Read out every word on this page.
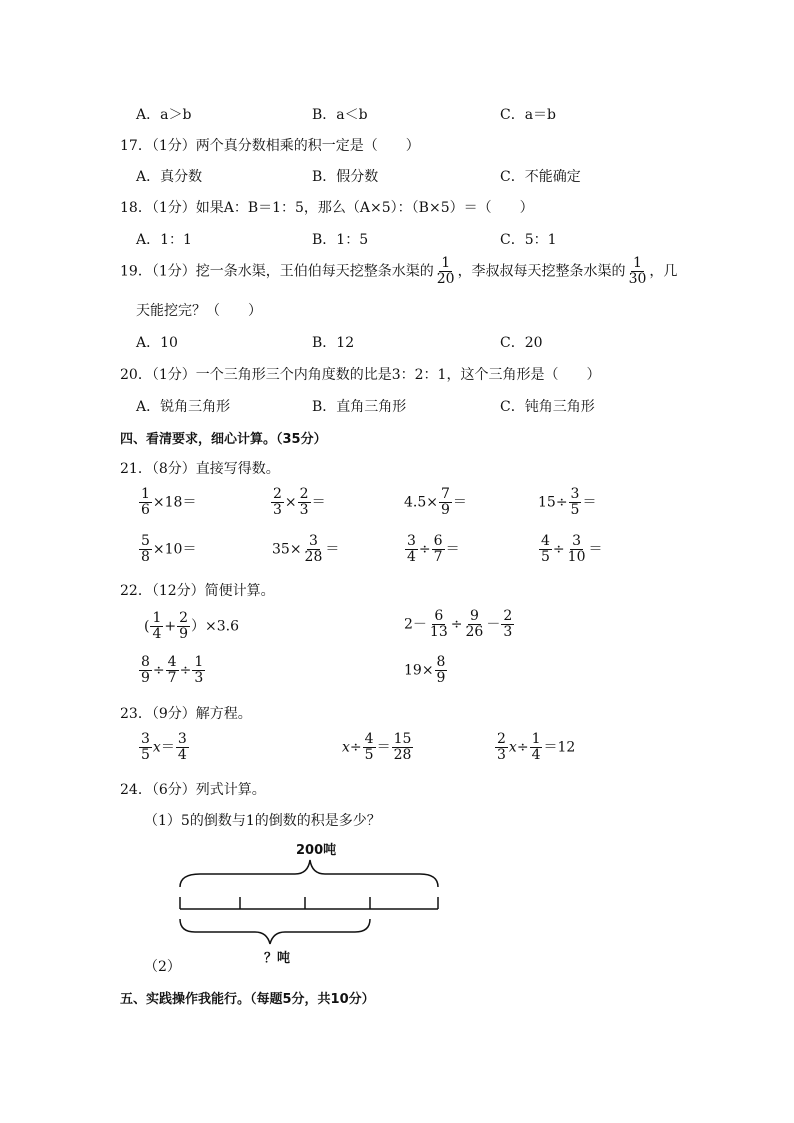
A．a＞b	B．a＜b	C．a＝b
17．（1分）两个真分数相乘的积一定是（　　）
A．真分数	B．假分数	C．不能确定
18．（1分）如果A：B＝1：5，那么（A×5）：（B×5）＝（　　）
A．1：1	B．1：5	C．5：1
19．（1分）挖一条水渠，王伯伯每天挖整条水渠的 $\frac{1}{20}$ ，李叔叔每天挖整条水渠的 $\frac{1}{30}$ ，几
天能挖完？（　　）
A．10	B．12	C．20
20．（1分）一个三角形三个内角度数的比是3：2：1，这个三角形是（　　）
A．锐角三角形	B．直角三角形	C．钝角三角形
四、看清要求，细心计算。（35分）
21．（8分）直接写得数。
$\frac{1}{6} \times 18=$	$\frac{2}{3} \times \frac{2}{3}$ ＝	$4.5\times \frac{7}{9}$ ＝	$15\div \frac{3}{5}$ ＝
$\frac{5}{8} \times 10=$	$35\times \frac{3}{28}$ ＝	$\frac{3}{4} \div \frac{6}{7}$ ＝	$\frac{4}{5} \div \frac{3}{10}$ ＝
22．（12分）简便计算。
( $\frac{1}{4} + \frac{2}{9} )\times 3.6$	$2- \frac{6}{13} \div \frac{9}{26} - \frac{2}{3}$
$\frac{8}{9} \div \frac{4}{7} \div \frac{1}{3}$	$19\times \frac{8}{9}$
23．（9分）解方程。
$\frac{3}{5} x= \frac{3}{4}$	$x\div \frac{4}{5} = \frac{15}{28}$	$\frac{2}{3} x\div \frac{1}{4} =12$
24．（6分）列式计算。
（1）5的倒数与1的倒数的积是多少？
200吨
？吨
（2）
五、实践操作我能行。（每题5分，共10分）
